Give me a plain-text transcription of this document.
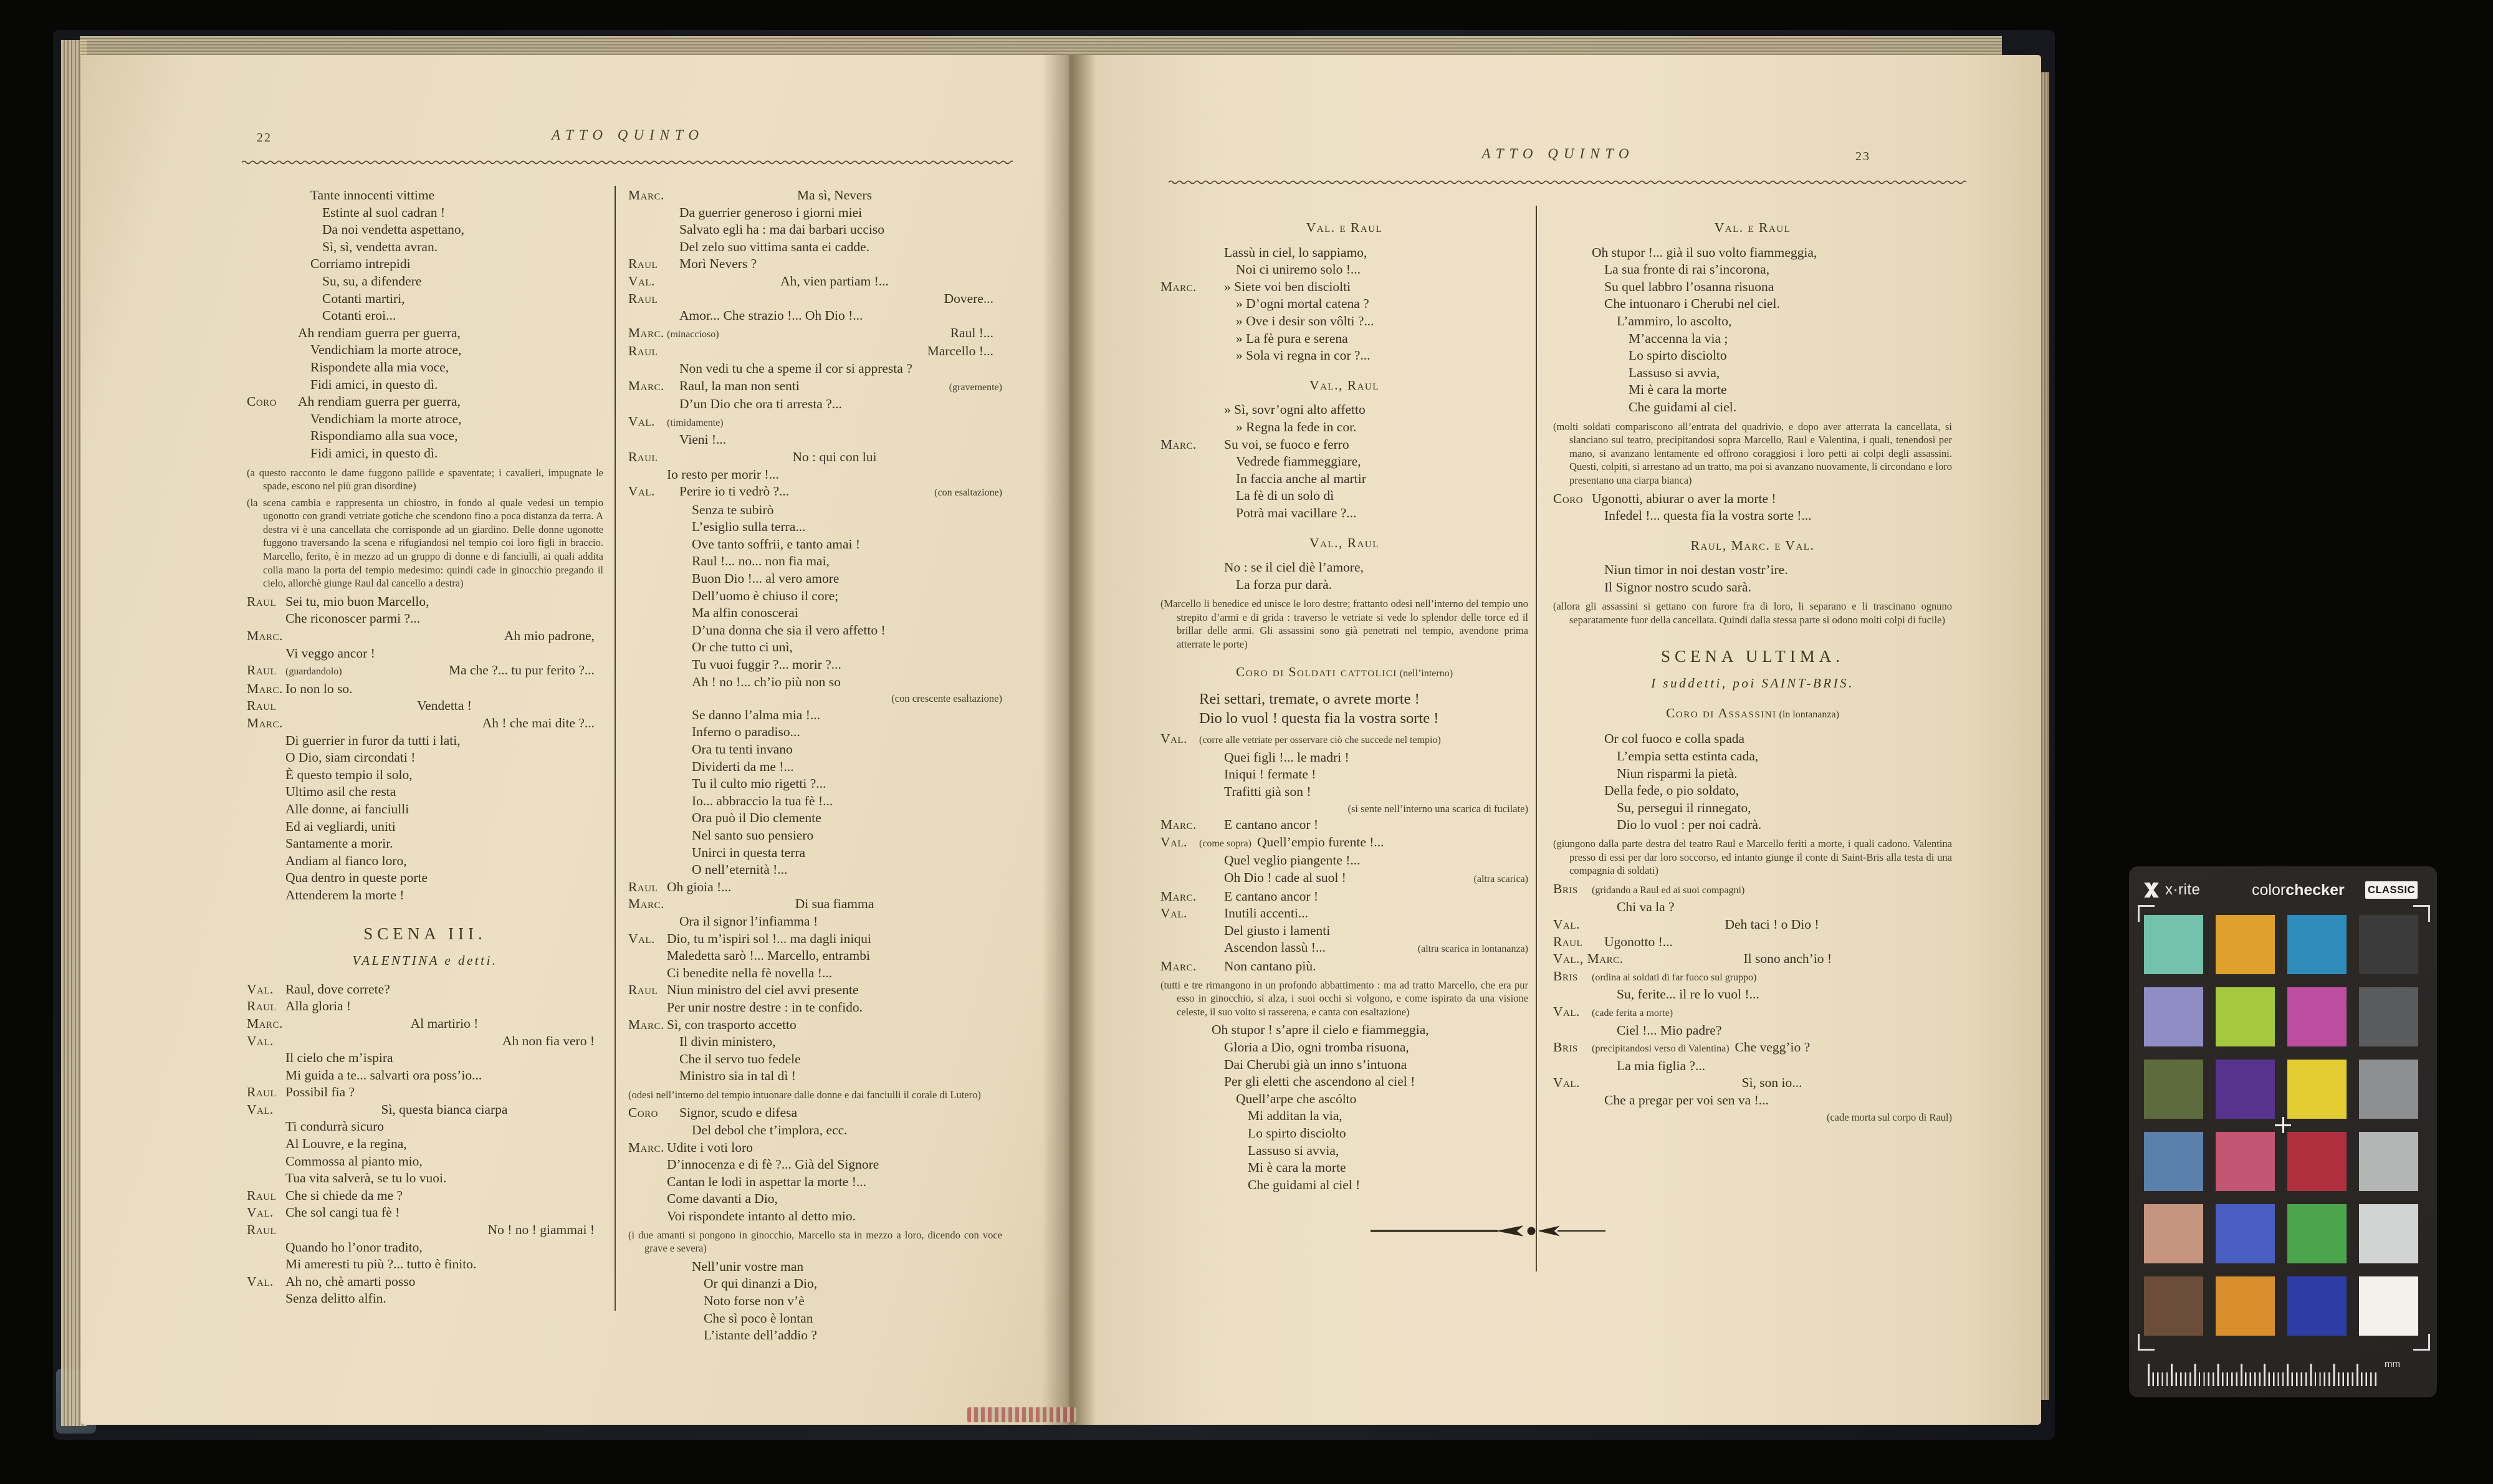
22	ATTO QUINTO
Tante innocenti vittime
Estinte al suol cadran !
Da noi vendetta aspettano,
Sì, sì, vendetta avran.
Corriamo intrepidi
Su, su, a difendere
Cotanti martiri,
Cotanti eroi...
Ah rendiam guerra per guerra,
Vendichiam la morte atroce,
Rispondete alla mia voce,
Fidi amici, in questo dì.
Coro	Ah rendiam guerra per guerra,
Vendichiam la morte atroce,
Rispondiamo alla sua voce,
Fidi amici, in questo dì.
(a questo racconto le dame fuggono pallide e spaventate; i cavalieri, impugnate le spade, escono nel più gran disordine)
(la scena cambia e rappresenta un chiostro, in fondo al quale vedesi un tempio ugonotto con grandi vetriate gotiche che scendono fino a poca distanza da terra. A destra vi è una cancellata che corrisponde ad un giardino. Delle donne ugonotte fuggono traversando la scena e rifugiandosi nel tempio coi loro figli in braccio. Marcello, ferito, è in mezzo ad un gruppo di donne e di fanciulli, ai quali addita colla mano la porta del tempio medesimo: quindi cade in ginocchio pregando il cielo, allorchè giunge Raul dal cancello a destra)
Raul Sei tu, mio buon Marcello,
Che riconoscer parmi ?...
Marc.	Ah mio padrone,
Vi veggo ancor !
Raul (guardandolo)	Ma che ?... tu pur ferito ?...
Marc. Io non lo so.
Raul	Vendetta !
Marc.	Ah ! che mai dite ?...
Di guerrier in furor da tutti i lati,
O Dio, siam circondati !
È questo tempio il solo,
Ultimo asil che resta
Alle donne, ai fanciulli
Ed ai vegliardi, uniti
Santamente a morir.
Andiam al fianco loro,
Qua dentro in queste porte
Attenderem la morte !
SCENA III.
VALENTINA e detti.
Val. Raul, dove correte?
Raul Alla gloria !
Marc.	Al martirio !
Val.	Ah non fia vero !
Il cielo che m’ispira
Mi guida a te... salvarti ora poss’io...
Raul Possibil fia ?
Val.	Sì, questa bianca ciarpa
Ti condurrà sicuro
Al Louvre, e la regina,
Commossa al pianto mio,
Tua vita salverà, se tu lo vuoi.
Raul Che si chiede da me ?
Val. Che sol cangi tua fè !
Raul	No ! no ! giammai !
Quando ho l’onor tradito,
Mi ameresti tu più ?... tutto è finito.
Val. Ah no, chè amarti posso
Senza delitto alfin.
Marc.	Ma sì, Nevers
Da guerrier generoso i giorni miei
Salvato egli ha : ma dai barbari ucciso
Del zelo suo vittima santa ei cadde.
Raul	Morì Nevers ?
Val.	Ah, vien partiam !...
Raul	Dovere...
Amor... Che strazio !... Oh Dio !...
Marc. (minaccioso)	Raul !...
Raul	Marcello !...
Non vedi tu che a speme il cor si appresta ?
Marc. Raul, la man non senti	(gravemente)
D’un Dio che ora ti arresta ?...
Val.	(timidamente)
Vieni !...
Raul	No : qui con lui
Io resto per morir !...
Val.	Perire io ti vedrò ?...	(con esaltazione)
Senza te subirò
L’esiglio sulla terra...
Ove tanto soffrii, e tanto amai !
Raul !... no... non fia mai,
Buon Dio !... al vero amore
Dell’uomo è chiuso il core;
Ma alfin conoscerai
D’una donna che sia il vero affetto !
Or che tutto ci unì,
Tu vuoi fuggir ?... morir ?...
Ah ! no !... ch’io più non so
(con crescente esaltazione)
Se danno l’alma mia !...
Inferno o paradiso...
Ora tu tenti invano
Dividerti da me !...
Tu il culto mio rigetti ?...
Io... abbraccio la tua fè !...
Ora può il Dio clemente
Nel santo suo pensiero
Unirci in questa terra
O nell’eternità !...
Raul Oh gioia !...
Marc.	Di sua fiamma
Ora il signor l’infiamma !
Val. Dio, tu m’ispiri sol !... ma dagli iniqui
Maledetta sarò !... Marcello, entrambi
Ci benedite nella fè novella !...
Raul Niun ministro del ciel avvi presente
Per unir nostre destre : in te confido.
Marc. Sì, con trasporto accetto
Il divin ministero,
Che il servo tuo fedele
Ministro sia in tal dì !
(odesi nell’interno del tempio intuonare dalle donne e dai fanciulli il corale di Lutero)
Coro	Signor, scudo e difesa
Del debol che t’implora, ecc.
Marc. Udite i voti loro
D’innocenza e di fè ?... Già del Signore
Cantan le lodi in aspettar la morte !...
Come davanti a Dio,
Voi rispondete intanto al detto mio.
(i due amanti si pongono in ginocchio, Marcello sta in mezzo a loro, dicendo con voce grave e severa)
Nell’unir vostre man
Or qui dinanzi a Dio,
Noto forse non v’è
Che sì poco è lontan
L’istante dell’addio ?
ATTO QUINTO	23
Val. e Raul
Lassù in ciel, lo sappiamo,
Noi ci uniremo solo !...
Marc. » Siete voi ben disciolti
» D’ogni mortal catena ?
» Ove i desir son vôlti ?...
» La fè pura e serena
» Sola vi regna in cor ?...
Val., Raul
» Sì, sovr’ogni alto affetto
» Regna la fede in cor.
Marc. Su voi, se fuoco e ferro
Vedrede fiammeggiare,
In faccia anche al martir
La fè di un solo dì
Potrà mai vacillare ?...
Val., Raul
No : se il ciel diè l’amore,
La forza pur darà.
(Marcello li benedice ed unisce le loro destre; frattanto odesi nell’interno del tempio uno strepito d’armi e di grida : traverso le vetriate si vede lo splendor delle torce ed il brillar delle armi. Gli assassini sono già penetrati nel tempio, avendone prima atterrate le porte)
Coro di Soldati cattolici (nell’interno)
Rei settari, tremate, o avrete morte !
Dio lo vuol ! questa fia la vostra sorte !
Val.	(corre alle vetriate per osservare ciò che succede nel tempio)
Quei figli !... le madri !
Iniqui ! fermate !
Trafitti già son !
(si sente nell’interno una scarica di fucilate)
Marc. E cantano ancor !
Val.	(come sopra) Quell’empio furente !...
Quel veglio piangente !...
Oh Dio ! cade al suol !	(altra scarica)
Marc. E cantano ancor !
Val.	Inutili accenti...
Del giusto i lamenti
Ascendon lassù !...	(altra scarica in lontananza)
Marc. Non cantano più.
(tutti e tre rimangono in un profondo abbattimento : ma ad tratto Marcello, che era pur esso in ginocchio, si alza, i suoi occhi si volgono, e come ispirato da una visione celeste, il suo volto si rasserena, e canta con esaltazione)
Oh stupor ! s’apre il cielo e fiammeggia,
Gloria a Dio, ogni tromba risuona,
Dai Cherubi già un inno s’intuona
Per gli eletti che ascendono al ciel !
Quell’arpe che ascólto
Mi additan la via,
Lo spirto disciolto
Lassuso si avvia,
Mi è cara la morte
Che guidami al ciel !
Val. e Raul
Oh stupor !... già il suo volto fiammeggia,
La sua fronte di rai s’incorona,
Su quel labbro l’osanna risuona
Che intuonaro i Cherubi nel ciel.
L’ammiro, lo ascolto,
M’accenna la via ;
Lo spirto disciolto
Lassuso si avvia,
Mi è cara la morte
Che guidami al ciel.
(molti soldati compariscono all’entrata del quadrivio, e dopo aver atterrata la cancellata, si slanciano sul teatro, precipitandosi sopra Marcello, Raul e Valentina, i quali, tenendosi per mano, si avanzano lentamente ed offrono coraggiosi i loro petti ai colpi degli assassini. Questi, colpiti, si arrestano ad un tratto, ma poi si avanzano nuovamente, li circondano e loro presentano una ciarpa bianca)
Coro Ugonotti, abiurar o aver la morte !
Infedel !... questa fia la vostra sorte !...
Raul, Marc. e Val.
Niun timor in noi destan vostr’ire.
Il Signor nostro scudo sarà.
(allora gli assassini si gettano con furore fra di loro, li separano e li trascinano ognuno separatamente fuor della cancellata. Quindi dalla stessa parte si odono molti colpi di fucile)
SCENA ULTIMA.
I suddetti, poi SAINT-BRIS.
Coro di Assassini (in lontananza)
Or col fuoco e colla spada
L’empia setta estinta cada,
Niun risparmi la pietà.
Della fede, o pio soldato,
Su, persegui il rinnegato,
Dio lo vuol : per noi cadrà.
(giungono dalla parte destra del teatro Raul e Marcello feriti a morte, i quali cadono. Valentina presso di essi per dar loro soccorso, ed intanto giunge il conte di Saint-Bris alla testa di una compagnia di soldati)
Bris	(gridando a Raul ed ai suoi compagni)
Chi va la ?
Val.	Deh taci ! o Dio !
Raul	Ugonotto !...
Val., Marc.	Il sono anch’io !
Bris	(ordina ai soldati di far fuoco sul gruppo)
Su, ferite... il re lo vuol !...
Val.	(cade ferita a morte)
Ciel !... Mio padre?
Bris	(precipitandosi verso di Valentina) Che vegg’io ?
La mia figlia ?...
Val.	Sì, son io...
Che a pregar per voi sen va !...
(cade morta sul corpo di Raul)
x·rite	colorchecker CLASSIC
mm
